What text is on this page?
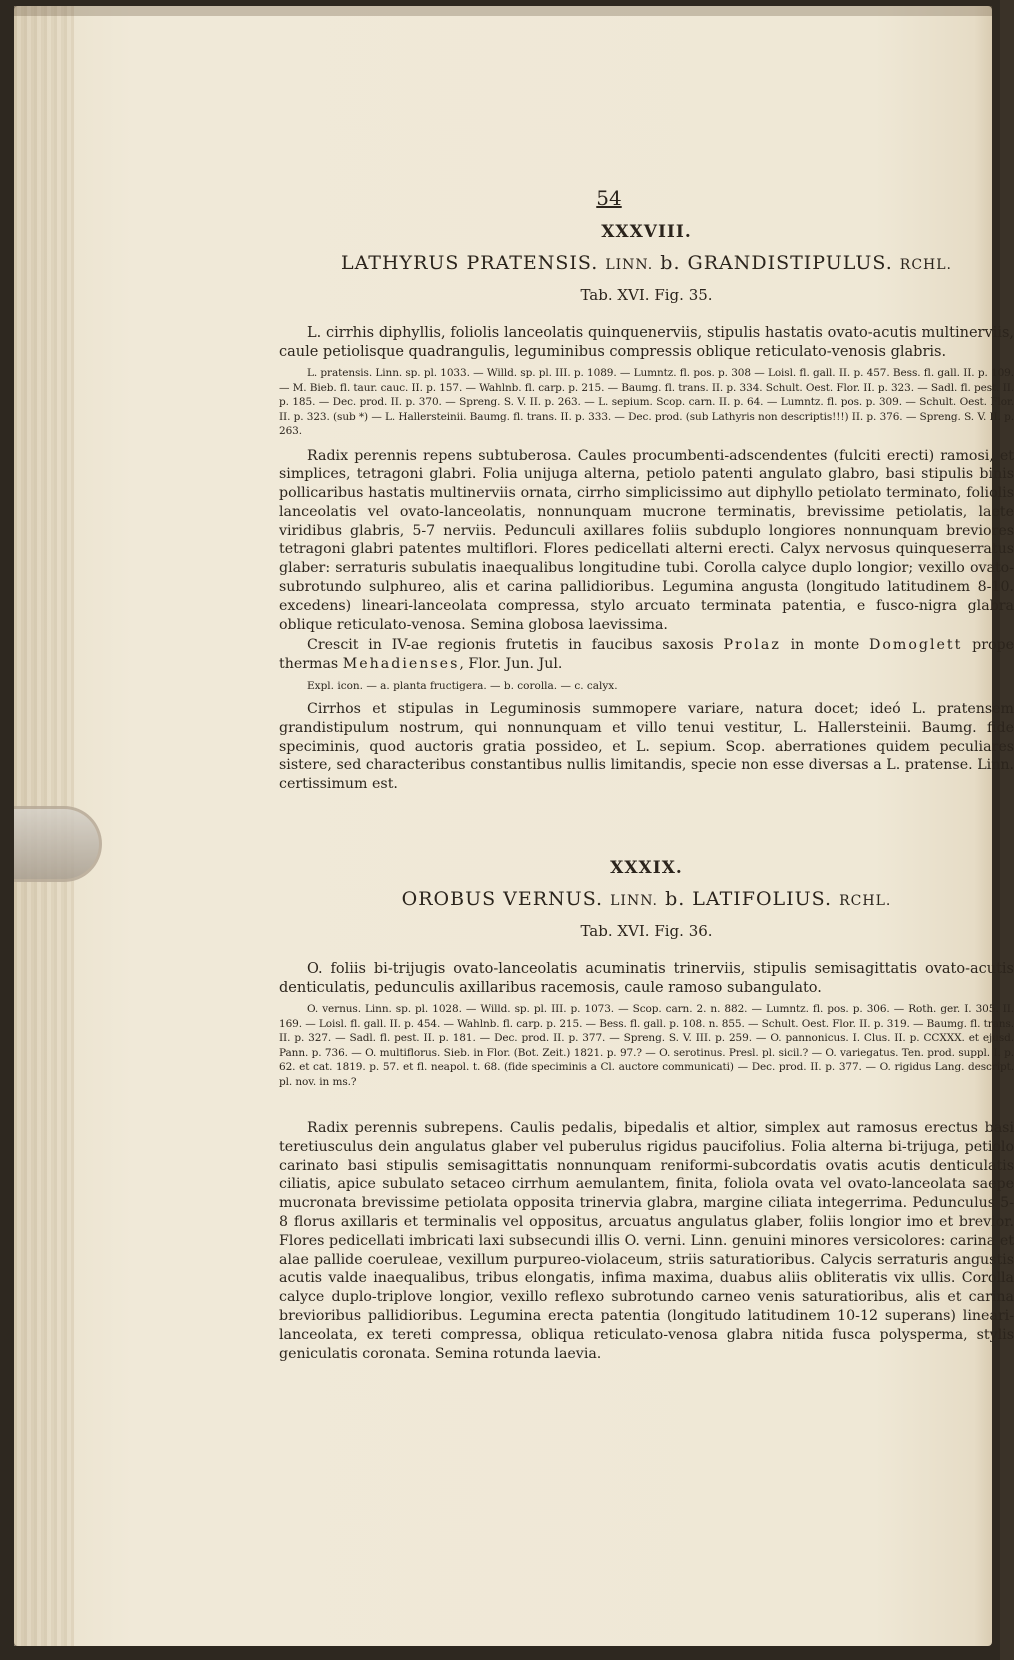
54
XXXVIII.
LATHYRUS PRATENSIS. LINN. b. GRANDISTIPULUS. RCHL.
Tab. XVI. Fig. 35.

L. cirrhis diphyllis, foliolis lanceolatis quinquenerviis, stipulis hastatis ovato-acutis multinerviis, caule petiolisque quadrangulis, leguminibus compressis oblique reticulato-venosis glabris.

L. pratensis. Linn. sp. pl. 1033. — Willd. sp. pl. III. p. 1089. — Lumntz. fl. pos. p. 308 — Loisl. fl. gall. II. p. 457. Bess. fl. gall. II. p. 109. — M. Bieb. fl. taur. cauc. II. p. 157. — Wahlnb. fl. carp. p. 215. — Baumg. fl. trans. II. p. 334. Schult. Oest. Flor. II. p. 323. — Sadl. fl. pest. II. p. 185. — Dec. prod. II. p. 370. — Spreng. S. V. II. p. 263. — L. sepium. Scop. carn. II. p. 64. — Lumntz. fl. pos. p. 309. — Schult. Oest. Flor. II. p. 323. (sub *) — L. Hallersteinii. Baumg. fl. trans. II. p. 333. — Dec. prod. (sub Lathyris non descriptis!!!) II. p. 376. — Spreng. S. V. II. p. 263.

Radix perennis repens subtuberosa. Caules procumbenti-adscendentes (fulciti erecti) ramosi, et simplices, tetragoni glabri. Folia unijuga alterna, petiolo patenti angulato glabro, basi stipulis binis pollicaribus hastatis multinerviis ornata, cirrho simplicissimo aut diphyllo petiolato terminato, foliolis lanceolatis vel ovato-lanceolatis, nonnunquam mucrone terminatis, brevissime petiolatis, laete viridibus glabris, 5-7 nerviis. Pedunculi axillares foliis subduplo longiores nonnunquam breviores tetragoni glabri patentes multiflori. Flores pedicellati alterni erecti. Calyx nervosus quinqueserratus glaber: serraturis subulatis inaequalibus longitudine tubi. Corolla calyce duplo longior; vexillo ovato-subrotundo sulphureo, alis et carina pallidioribus. Legumina angusta (longitudo latitudinem 8-10. excedens) lineari-lanceolata compressa, stylo arcuato terminata patentia, e fusco-nigra glabra oblique reticulato-venosa. Semina globosa laevissima.

Crescit in IV-ae regionis frutetis in faucibus saxosis Prolaz in monte Domoglett prope thermas Mehadienses, Flor. Jun. Jul.

Expl. icon. — a. planta fructigera. — b. corolla. — c. calyx.

Cirrhos et stipulas in Leguminosis summopere variare, natura docet; ideó L. pratensem grandistipulum nostrum, qui nonnunquam et villo tenui vestitur, L. Hallersteinii. Baumg. fide speciminis, quod auctoris gratia possideo, et L. sepium. Scop. aberrationes quidem peculiares sistere, sed characteribus constantibus nullis limitandis, specie non esse diversas a L. pratense. Linn. certissimum est.

XXXIX.
OROBUS VERNUS. LINN. b. LATIFOLIUS. RCHL.
Tab. XVI. Fig. 36.

O. foliis bi-trijugis ovato-lanceolatis acuminatis trinerviis, stipulis semisagittatis ovato-acutis denticulatis, pedunculis axillaribus racemosis, caule ramoso subangulato.

O. vernus. Linn. sp. pl. 1028. — Willd. sp. pl. III. p. 1073. — Scop. carn. 2. n. 882. — Lumntz. fl. pos. p. 306. — Roth. ger. I. 305. II. 169. — Loisl. fl. gall. II. p. 454. — Wahlnb. fl. carp. p. 215. — Bess. fl. gall. p. 108. n. 855. — Schult. Oest. Flor. II. p. 319. — Baumg. fl. trans. II. p. 327. — Sadl. fl. pest. II. p. 181. — Dec. prod. II. p. 377. — Spreng. S. V. III. p. 259. — O. pannonicus. I. Clus. II. p. CCXXX. et ejusd. Pann. p. 736. — O. multiflorus. Sieb. in Flor. (Bot. Zeit.) 1821. p. 97.? — O. serotinus. Presl. pl. sicil.? — O. variegatus. Ten. prod. suppl. I. p. 62. et cat. 1819. p. 57. et fl. neapol. t. 68. (fide speciminis a Cl. auctore communicati) — Dec. prod. II. p. 377. — O. rigidus Lang. descript. pl. nov. in ms.?

Radix perennis subrepens. Caulis pedalis, bipedalis et altior, simplex aut ramosus erectus basi teretiusculus dein angulatus glaber vel puberulus rigidus paucifolius. Folia alterna bi-trijuga, petiolo carinato basi stipulis semisagittatis nonnunquam reniformi-subcordatis ovatis acutis denticulatis ciliatis, apice subulato setaceo cirrhum aemulantem, finita, foliola ovata vel ovato-lanceolata saepe mucronata brevissime petiolata opposita trinervia glabra, margine ciliata integerrima. Pedunculus 5-8 florus axillaris et terminalis vel oppositus, arcuatus angulatus glaber, foliis longior imo et brevior. Flores pedicellati imbricati laxi subsecundi illis O. verni. Linn. genuini minores versicolores: carina et alae pallide coeruleae, vexillum purpureo-violaceum, striis saturatioribus. Calycis serraturis angustis acutis valde inaequalibus, tribus elongatis, infima maxima, duabus aliis obliteratis vix ullis. Corolla calyce duplo-triplove longior, vexillo reflexo subrotundo carneo venis saturatioribus, alis et carina brevioribus pallidioribus. Legumina erecta patentia (longitudo latitudinem 10-12 superans) lineari-lanceolata, ex tereti compressa, obliqua reticulato-venosa glabra nitida fusca polysperma, stylis geniculatis coronata. Semina rotunda laevia.
